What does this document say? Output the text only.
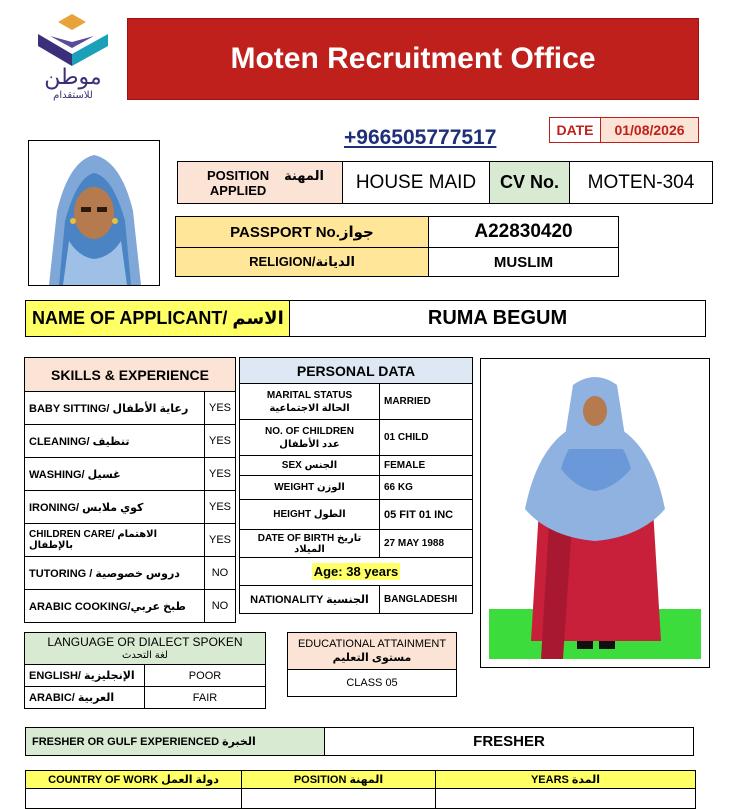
موطن
للاستقدام
Moten Recruitment Office
+966505777517	DATE	01/08/2026
POSITION APPLIED
المهنة	HOUSE MAID	CV No.	MOTEN-304
PASSPORT No.جواز	A22830420
RELIGION/الديانة	MUSLIM
NAME OF APPLICANT/ الاسم	RUMA BEGUM
SKILLS & EXPERIENCE	
BABY SITTING/ رعاية الأطفال	YES
CLEANING/ تنظيف	YES
WASHING/ غسيل	YES
IRONING/ كوي ملابس	YES
CHILDREN CARE/ الاهتمام بالإطفال	YES
TUTORING / دروس خصوصية	NO
ARABIC COOKING/طبخ عربي	NO
PERSONAL DATA	

MARITAL STATUS
الحالة الاجتماعية	MARRIED

NO. OF CHILDREN
عدد الأطفال	01 CHILD
SEX الجنس	FEMALE
WEIGHT الوزن	66 KG
HEIGHT الطول	05 FIT 01 INC
DATE OF BIRTH تاريخ الميلاد	27 MAY 1988
Age: 38 years	
NATIONALITY الجنسية	BANGLADESHI
LANGUAGE OR DIALECT SPOKEN
لغة التحدث	

ENGLISH/ الإنجليزية	POOR
ARABIC/ العربية	FAIR
EDUCATIONAL ATTAINMENT
مستوى التعليم
CLASS 05
FRESHER OR GULF EXPERIENCED الخبرة	FRESHER
COUNTRY OF WORK دولة العمل	POSITION المهنة	YEARS المدة
